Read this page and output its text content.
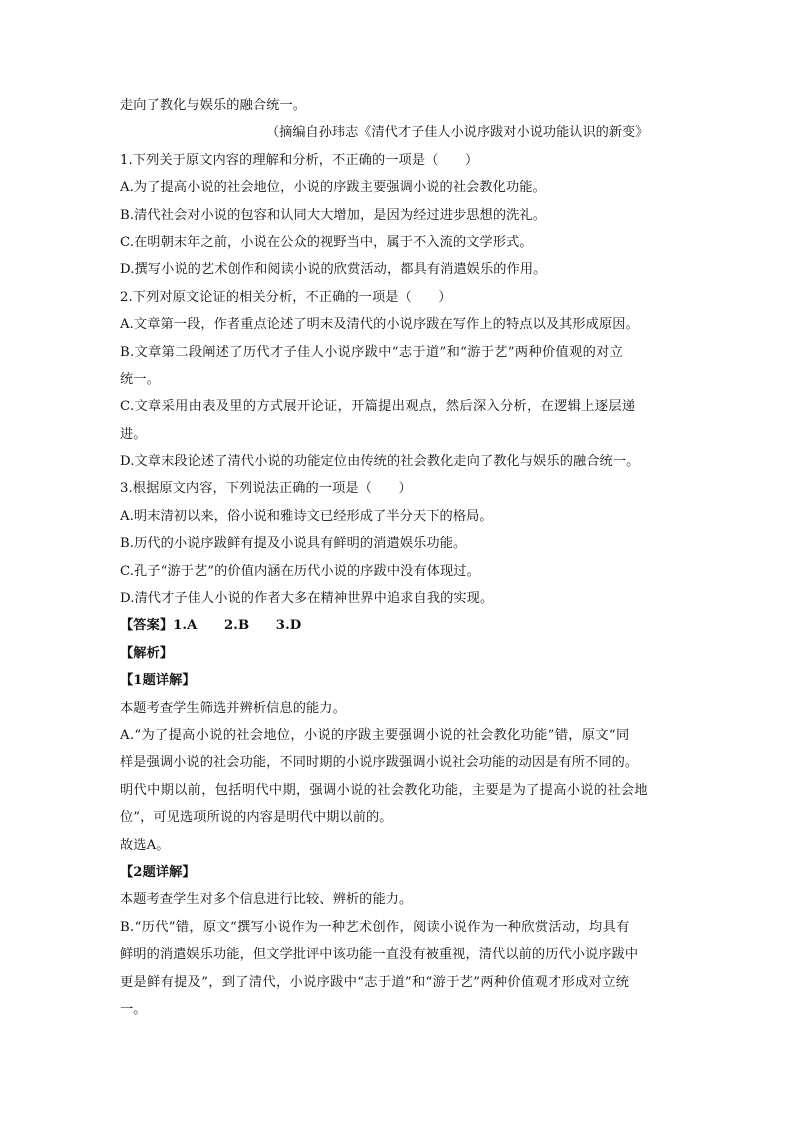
走向了教化与娱乐的融合统一。
（摘编自孙玮志《清代才子佳人小说序跋对小说功能认识的新变》
1.下列关于原文内容的理解和分析，不正确的一项是（　　）
A.为了提高小说的社会地位，小说的序跋主要强调小说的社会教化功能。
B.清代社会对小说的包容和认同大大增加，是因为经过进步思想的洗礼。
C.在明朝末年之前，小说在公众的视野当中，属于不入流的文学形式。
D.撰写小说的艺术创作和阅读小说的欣赏活动，都具有消遣娱乐的作用。
2.下列对原文论证的相关分析，不正确的一项是（　　）
A.文章第一段，作者重点论述了明末及清代的小说序跋在写作上的特点以及其形成原因。
B.文章第二段阐述了历代才子佳人小说序跋中“志于道”和“游于艺”两种价值观的对立
统一。
C.文章采用由表及里的方式展开论证，开篇提出观点，然后深入分析，在逻辑上逐层递
进。
D.文章末段论述了清代小说的功能定位由传统的社会教化走向了教化与娱乐的融合统一。
3.根据原文内容，下列说法正确的一项是（　　）
A.明末清初以来，俗小说和雅诗文已经形成了半分天下的格局。
B.历代的小说序跋鲜有提及小说具有鲜明的消遣娱乐功能。
C.孔子“游于艺”的价值内涵在历代小说的序跋中没有体现过。
D.清代才子佳人小说的作者大多在精神世界中追求自我的实现。
【答案】1.A　　2.B　　3.D
【解析】
【1题详解】
本题考查学生筛选并辨析信息的能力。
A.“为了提高小说的社会地位，小说的序跋主要强调小说的社会教化功能”错，原文“同
样是强调小说的社会功能，不同时期的小说序跋强调小说社会功能的动因是有所不同的。
明代中期以前，包括明代中期，强调小说的社会教化功能，主要是为了提高小说的社会地
位”，可见选项所说的内容是明代中期以前的。
故选A。
【2题详解】
本题考查学生对多个信息进行比较、辨析的能力。
B.“历代”错，原文“撰写小说作为一种艺术创作，阅读小说作为一种欣赏活动，均具有
鲜明的消遣娱乐功能，但文学批评中该功能一直没有被重视，清代以前的历代小说序跋中
更是鲜有提及”，到了清代，小说序跋中“志于道”和“游于艺”两种价值观才形成对立统
一。
